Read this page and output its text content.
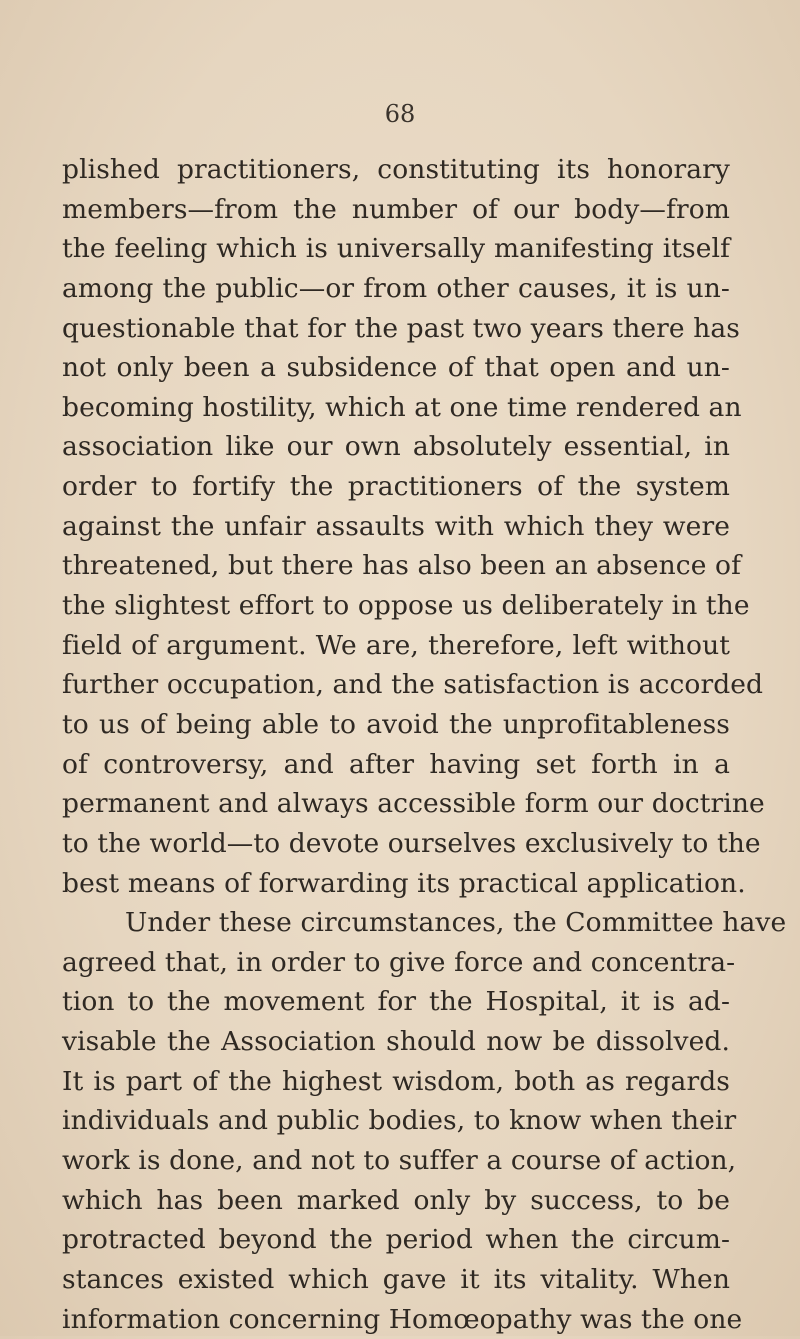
68
plished practitioners, constituting its honorary
members—from the number of our body—from
the feeling which is universally manifesting itself
among the public—or from other causes, it is un-
questionable that for the past two years there has
not only been a subsidence of that open and un-
becoming hostility, which at one time rendered an
association like our own absolutely essential, in
order to fortify the practitioners of the system
against the unfair assaults with which they were
threatened, but there has also been an absence of
the slightest effort to oppose us deliberately in the
field of argument. We are, therefore, left without
further occupation, and the satisfaction is accorded
to us of being able to avoid the unprofitableness
of controversy, and after having set forth in a
permanent and always accessible form our doctrine
to the world—to devote ourselves exclusively to the
best means of forwarding its practical application.
Under these circumstances, the Committee have
agreed that, in order to give force and concentra-
tion to the movement for the Hospital, it is ad-
visable the Association should now be dissolved.
It is part of the highest wisdom, both as regards
individuals and public bodies, to know when their
work is done, and not to suffer a course of action,
which has been marked only by success, to be
protracted beyond the period when the circum-
stances existed which gave it its vitality. When
information concerning Homœopathy was the one
